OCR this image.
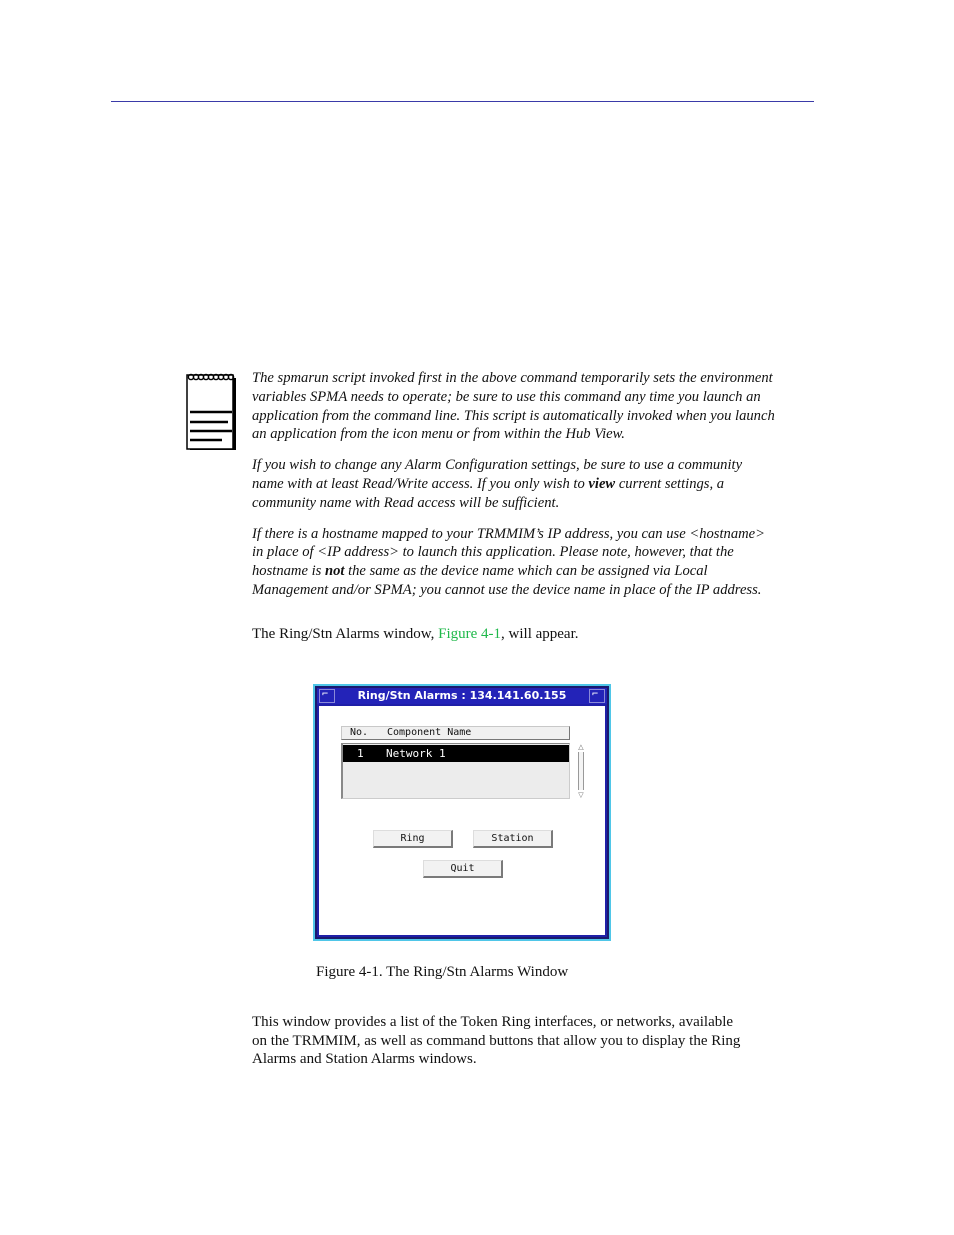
The spmarun script invoked first in the above command temporarily sets the environment
variables SPMA needs to operate; be sure to use this command any time you launch an
application from the command line. This script is automatically invoked when you launch
an application from the icon menu or from within the Hub View.

If you wish to change any Alarm Configuration settings, be sure to use a community
name with at least Read/Write access. If you only wish to view current settings, a
community name with Read access will be sufficient.

If there is a hostname mapped to your TRMMIM’s IP address, you can use <hostname>
in place of <IP address> to launch this application. Please note, however, that the
hostname is not the same as the device name which can be assigned via Local
Management and/or SPMA; you cannot use the device name in place of the IP address.

The Ring/Stn Alarms window, Figure 4-1, will appear.
⌐	Ring/Stn Alarms : 134.141.60.155	⌐
No. Component Name
1 Network 1	△
▽
Ring	Station
Quit
Figure 4-1. The Ring/Stn Alarms Window
This window provides a list of the Token Ring interfaces, or networks, available
on the TRMMIM, as well as command buttons that allow you to display the Ring
Alarms and Station Alarms windows.
